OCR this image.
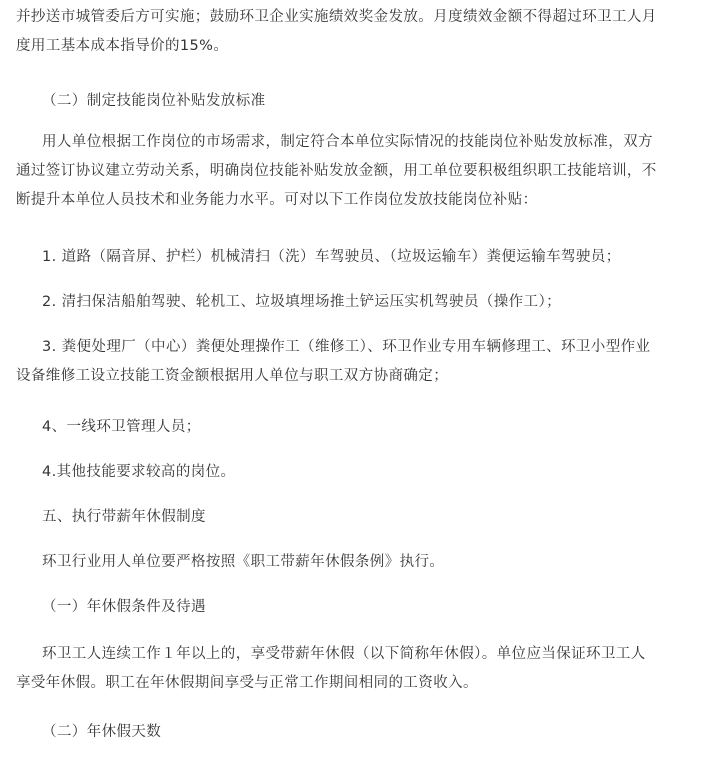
并抄送市城管委后方可实施；鼓励环卫企业实施绩效奖金发放。月度绩效金额不得超过环卫工人月
度用工基本成本指导价的15%。

（二）制定技能岗位补贴发放标准

用人单位根据工作岗位的市场需求，制定符合本单位实际情况的技能岗位补贴发放标准，双方

通过签订协议建立劳动关系，明确岗位技能补贴发放金额，用工单位要积极组织职工技能培训，不
断提升本单位人员技术和业务能力水平。可对以下工作岗位发放技能岗位补贴：

1. 道路（隔音屏、护栏）机械清扫（洗）车驾驶员、（垃圾运输车）粪便运输车驾驶员；

2. 清扫保洁船舶驾驶、轮机工、垃圾填埋场推土铲运压实机驾驶员（操作工）；

3. 粪便处理厂（中心）粪便处理操作工（维修工）、环卫作业专用车辆修理工、环卫小型作业

设备维修工设立技能工资金额根据用人单位与职工双方协商确定；

4、一线环卫管理人员；

4.其他技能要求较高的岗位。

五、执行带薪年休假制度

环卫行业用人单位要严格按照《职工带薪年休假条例》执行。

（一）年休假条件及待遇

环卫工人连续工作１年以上的，享受带薪年休假（以下简称年休假）。单位应当保证环卫工人

享受年休假。职工在年休假期间享受与正常工作期间相同的工资收入。

（二）年休假天数
